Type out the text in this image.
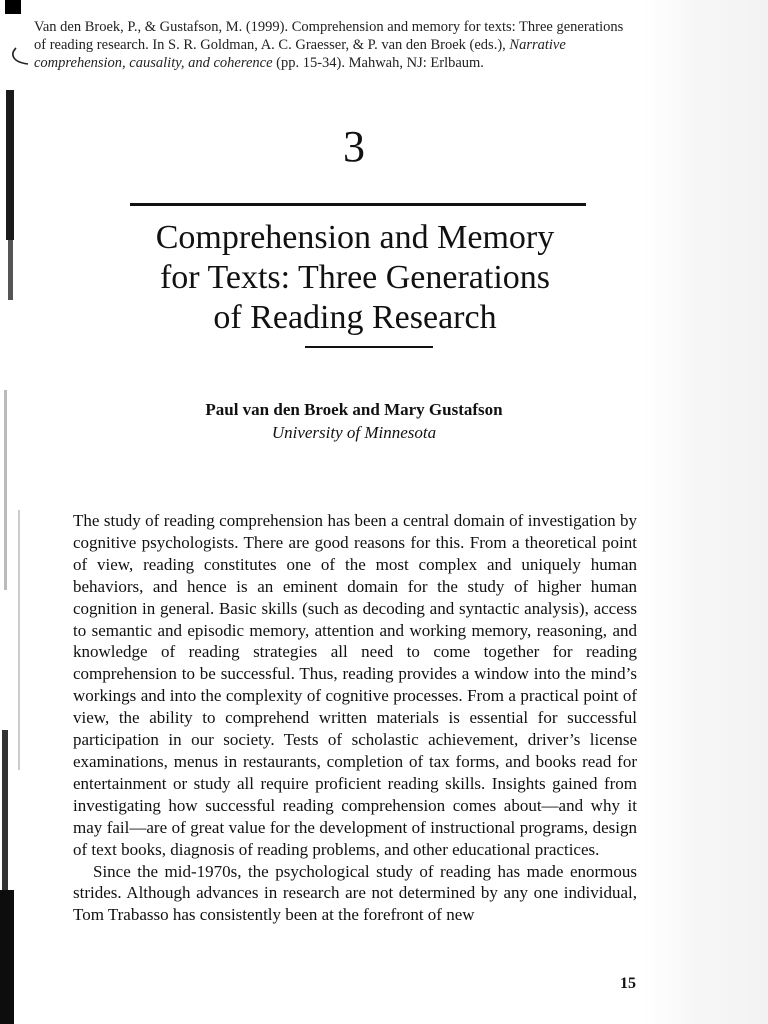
Van den Broek, P., & Gustafson, M. (1999). Comprehension and memory for texts: Three generations of reading research. In S. R. Goldman, A. C. Graesser, & P. van den Broek (eds.), Narrative comprehension, causality, and coherence (pp. 15-34). Mahwah, NJ: Erlbaum.
3
Comprehension and Memory
for Texts: Three Generations
of Reading Research
Paul van den Broek and Mary Gustafson
University of Minnesota

The study of reading comprehension has been a central domain of investigation by cognitive psychologists. There are good reasons for this. From a theoretical point of view, reading constitutes one of the most complex and uniquely human behaviors, and hence is an eminent domain for the study of higher human cognition in general. Basic skills (such as decoding and syntactic analysis), access to semantic and episodic memory, attention and working memory, reasoning, and knowledge of reading strategies all need to come together for reading comprehension to be successful. Thus, reading provides a window into the mind’s workings and into the complexity of cognitive processes. From a practical point of view, the ability to comprehend written materials is essential for successful participation in our society. Tests of scholastic achievement, driver’s license examinations, menus in restaurants, completion of tax forms, and books read for entertainment or study all require proficient reading skills. Insights gained from investigating how successful reading comprehension comes about—and why it may fail—are of great value for the development of instructional programs, design of text books, diagnosis of reading problems, and other educational practices.

Since the mid-1970s, the psychological study of reading has made enormous strides. Although advances in research are not determined by any one individual, Tom Trabasso has consistently been at the forefront of new

15
